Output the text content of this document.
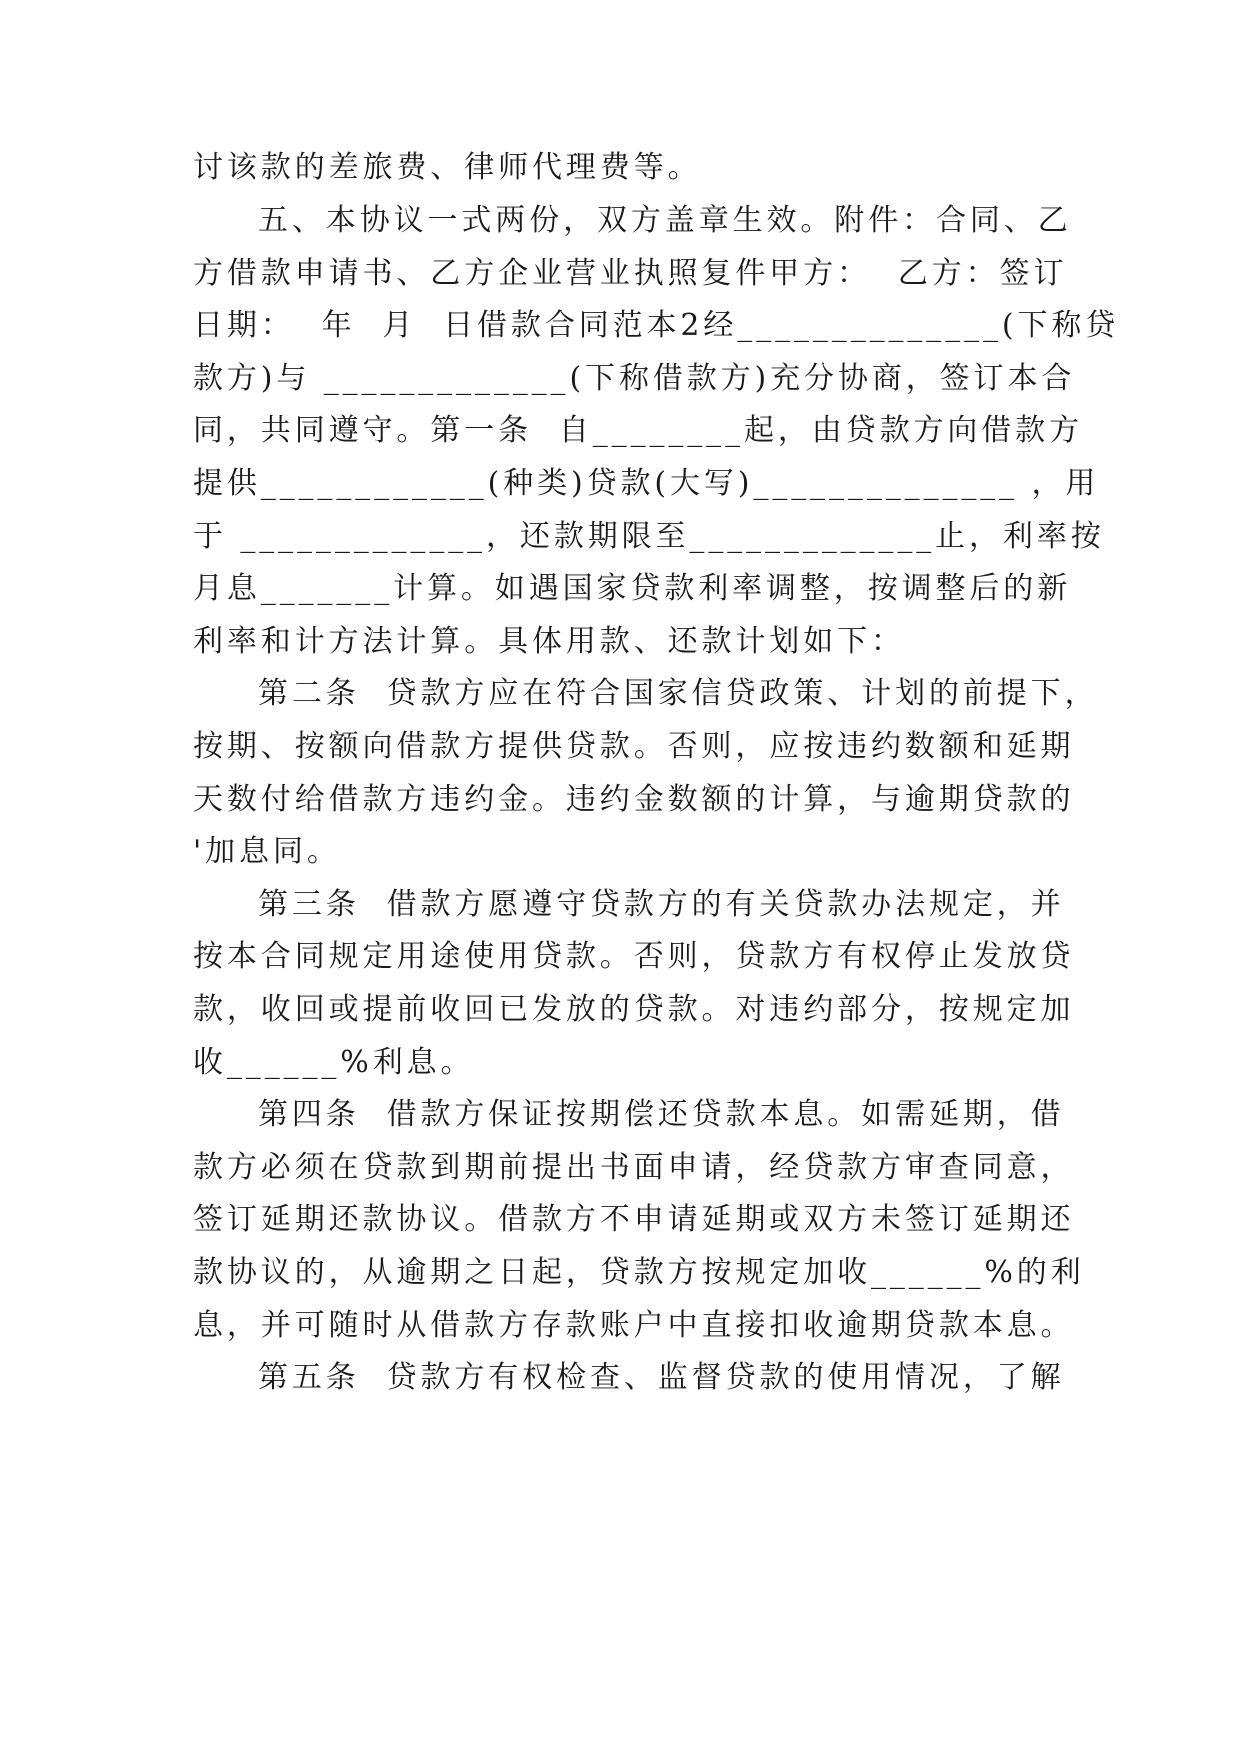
讨该款的差旅费、律师代理费等。
五、本协议一式两份，双方盖章生效。附件：合同、乙
方借款申请书、乙方企业营业执照复件甲方：  乙方：签订
日期：  年  月  日借款合同范本2经______________(下称贷
款方)与 _____________(下称借款方)充分协商，签订本合
同，共同遵守。第一条  自________起，由贷款方向借款方
提供____________(种类)贷款(大写)______________ ，用
于 _____________，还款期限至_____________止，利率按
月息_______计算。如遇国家贷款利率调整，按调整后的新
利率和计方法计算。具体用款、还款计划如下：
第二条  贷款方应在符合国家信贷政策、计划的前提下，
按期、按额向借款方提供贷款。否则，应按违约数额和延期
天数付给借款方违约金。违约金数额的计算，与逾期贷款的
'加息同。
第三条  借款方愿遵守贷款方的有关贷款办法规定，并
按本合同规定用途使用贷款。否则，贷款方有权停止发放贷
款，收回或提前收回已发放的贷款。对违约部分，按规定加
收______%利息。
第四条  借款方保证按期偿还贷款本息。如需延期，借
款方必须在贷款到期前提出书面申请，经贷款方审查同意，
签订延期还款协议。借款方不申请延期或双方未签订延期还
款协议的，从逾期之日起，贷款方按规定加收______%的利
息，并可随时从借款方存款账户中直接扣收逾期贷款本息。
第五条  贷款方有权检查、监督贷款的使用情况，了解
